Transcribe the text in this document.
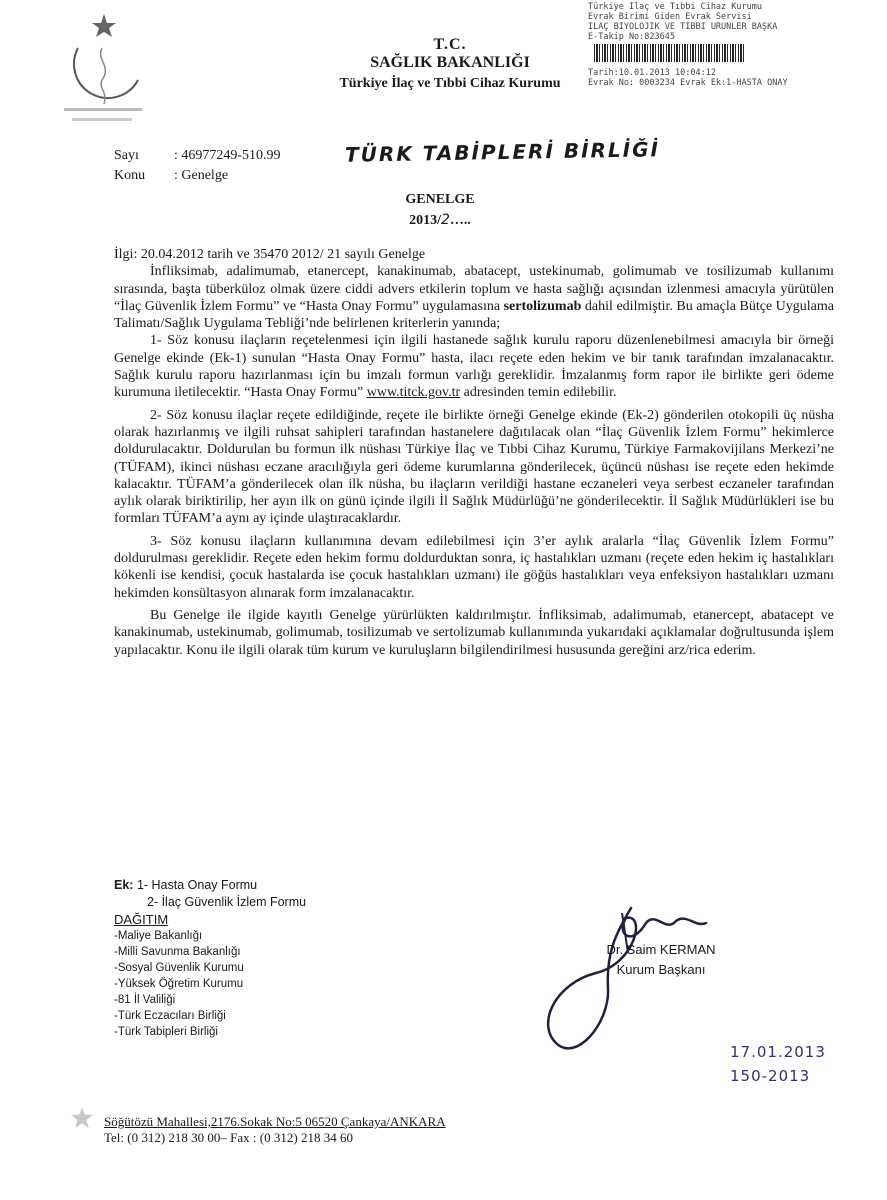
T.C.
SAĞLIK BAKANLIĞI
Türkiye İlaç ve Tıbbi Cihaz Kurumu
Türkiye İlaç ve Tıbbi Cihaz Kurumu
Evrak Birimi Giden Evrak Servisi
İLAÇ BİYOLOJİK VE TIBBİ ÜRÜNLER BAŞKA
E-Takip No:823645
Tarih:10.01.2013 10:04:12
Evrak No: 0003234 Evrak Ek:1-HASTA ONAY
Sayı	: 46977249-510.99
Konu : Genelge
TÜRK TABİPLERİ BİRLİĞİ
GENELGE
2013/2…..

İlgi: 20.04.2012 tarih ve 35470 2012/ 21 sayılı Genelge

İnfliksimab, adalimumab, etanercept, kanakinumab, abatacept, ustekinumab, golimumab ve tosilizumab kullanımı sırasında, başta tüberküloz olmak üzere ciddi advers etkilerin toplum ve hasta sağlığı açısından izlenmesi amacıyla yürütülen “İlaç Güvenlik İzlem Formu” ve “Hasta Onay Formu” uygulamasına sertolizumab dahil edilmiştir. Bu amaçla Bütçe Uygulama Talimatı/Sağlık Uygulama Tebliği’nde belirlenen kriterlerin yanında;

1- Söz konusu ilaçların reçetelenmesi için ilgili hastanede sağlık kurulu raporu düzenlenebilmesi amacıyla bir örneği Genelge ekinde (Ek-1) sunulan “Hasta Onay Formu” hasta, ilacı reçete eden hekim ve bir tanık tarafından imzalanacaktır. Sağlık kurulu raporu hazırlanması için bu imzalı formun varlığı gereklidir. İmzalanmış form rapor ile birlikte geri ödeme kurumuna iletilecektir. “Hasta Onay Formu” www.titck.gov.tr adresinden temin edilebilir.

2- Söz konusu ilaçlar reçete edildiğinde, reçete ile birlikte örneği Genelge ekinde (Ek-2) gönderilen otokopili üç nüsha olarak hazırlanmış ve ilgili ruhsat sahipleri tarafından hastanelere dağıtılacak olan “İlaç Güvenlik İzlem Formu” hekimlerce doldurulacaktır. Doldurulan bu formun ilk nüshası Türkiye İlaç ve Tıbbi Cihaz Kurumu, Türkiye Farmakovijilans Merkezi’ne (TÜFAM), ikinci nüshası eczane aracılığıyla geri ödeme kurumlarına gönderilecek, üçüncü nüshası ise reçete eden hekimde kalacaktır. TÜFAM’a gönderilecek olan ilk nüsha, bu ilaçların verildiği hastane eczaneleri veya serbest eczaneler tarafından aylık olarak biriktirilip, her ayın ilk on günü içinde ilgili İl Sağlık Müdürlüğü’ne gönderilecektir. İl Sağlık Müdürlükleri ise bu formları TÜFAM’a aynı ay içinde ulaştıracaklardır.

3- Söz konusu ilaçların kullanımına devam edilebilmesi için 3’er aylık aralarla “İlaç Güvenlik İzlem Formu” doldurulması gereklidir. Reçete eden hekim formu doldurduktan sonra, iç hastalıkları uzmanı (reçete eden hekim iç hastalıkları kökenli ise kendisi, çocuk hastalarda ise çocuk hastalıkları uzmanı) ile göğüs hastalıkları veya enfeksiyon hastalıkları uzmanı hekimden konsültasyon alınarak form imzalanacaktır.

Bu Genelge ile ilgide kayıtlı Genelge yürürlükten kaldırılmıştır. İnfliksimab, adalimumab, etanercept, abatacept ve kanakinumab, ustekinumab, golimumab, tosilizumab ve sertolizumab kullanımında yukarıdaki açıklamalar doğrultusunda işlem yapılacaktır. Konu ile ilgili olarak tüm kurum ve kuruluşların bilgilendirilmesi hususunda gereğini arz/rica ederim.

Ek: 1- Hasta Onay Formu
2- İlaç Güvenlik İzlem Formu
DAĞITIM
-Maliye Bakanlığı
-Milli Savunma Bakanlığı
-Sosyal Güvenlik Kurumu
-Yüksek Öğretim Kurumu
-81 İl Valiliği
-Türk Eczacıları Birliği
-Türk Tabipleri Birliği
Dr. Saim KERMAN
Kurum Başkanı
17.01.2013
150-2013
Söğütözü Mahallesi,2176.Sokak No:5 06520 Çankaya/ANKARA
Tel: (0 312) 218 30 00– Fax : (0 312) 218 34 60
